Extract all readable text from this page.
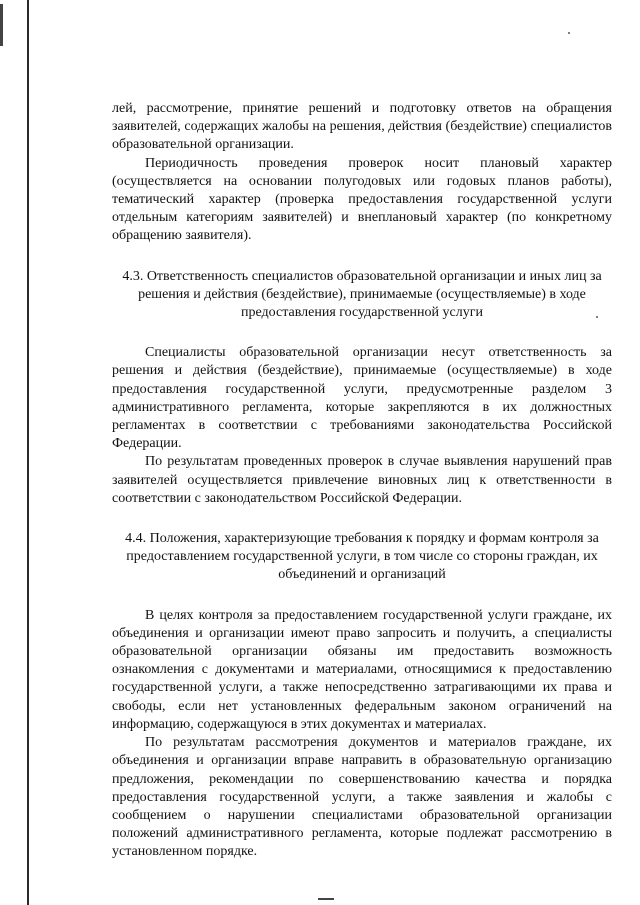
лей, рассмотрение, принятие решений и подготовку ответов на обращения заявителей, содержащих жалобы на решения, действия (бездействие) специалистов образовательной организации.

Периодичность проведения проверок носит плановый характер (осуществляется на основании полугодовых или годовых планов работы), тематический характер (проверка предоставления государственной услуги отдельным категориям заявителей) и внеплановый характер (по конкретному обращению заявителя).

4.3. Ответственность специалистов образовательной организации и иных лиц за решения и действия (бездействие), принимаемые (осуществляемые) в ходе предоставления государственной услуги

Специалисты образовательной организации несут ответственность за решения и действия (бездействие), принимаемые (осуществляемые) в ходе предоставления государственной услуги, предусмотренные разделом 3 административного регламента, которые закрепляются в их должностных регламентах в соответствии с требованиями законодательства Российской Федерации.

По результатам проведенных проверок в случае выявления нарушений прав заявителей осуществляется привлечение виновных лиц к ответственности в соответствии с законодательством Российской Федерации.

4.4. Положения, характеризующие требования к порядку и формам контроля за предоставлением государственной услуги, в том числе со стороны граждан, их объединений и организаций

В целях контроля за предоставлением государственной услуги граждане, их объединения и организации имеют право запросить и получить, а специалисты образовательной организации обязаны им предоставить возможность ознакомления с документами и материалами, относящимися к предоставлению государственной услуги, а также непосредственно затрагивающими их права и свободы, если нет установленных федеральным законом ограничений на информацию, содержащуюся в этих документах и материалах.

По результатам рассмотрения документов и материалов граждане, их объединения и организации вправе направить в образовательную организацию предложения, рекомендации по совершенствованию качества и порядка предоставления государственной услуги, а также заявления и жалобы с сообщением о нарушении специалистами образовательной организации положений административного регламента, которые подлежат рассмотрению в установленном порядке.
